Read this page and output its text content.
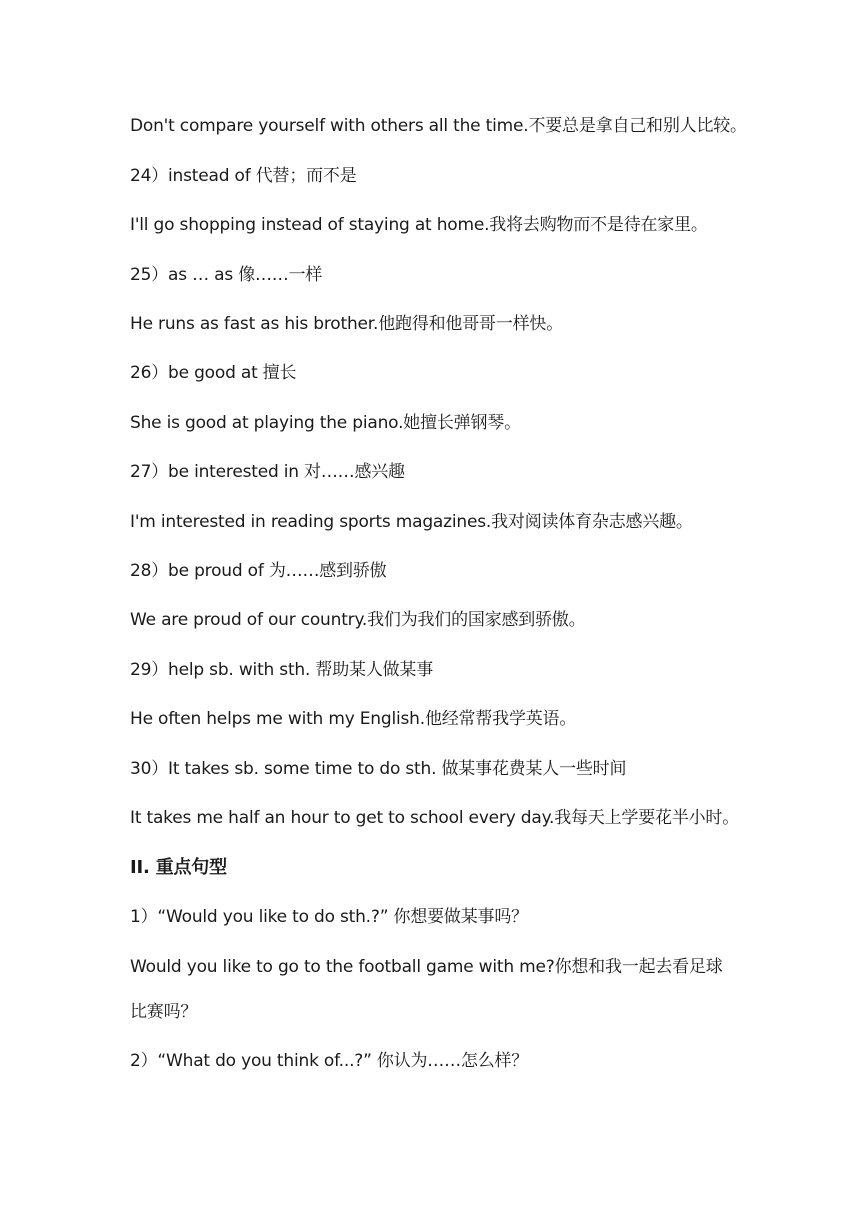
Don't compare yourself with others all the time.不要总是拿自己和别人比较。
24）instead of 代替；而不是
I'll go shopping instead of staying at home.我将去购物而不是待在家里。
25）as … as 像……一样
He runs as fast as his brother.他跑得和他哥哥一样快。
26）be good at 擅长
She is good at playing the piano.她擅长弹钢琴。
27）be interested in 对……感兴趣
I'm interested in reading sports magazines.我对阅读体育杂志感兴趣。
28）be proud of 为……感到骄傲
We are proud of our country.我们为我们的国家感到骄傲。
29）help sb. with sth. 帮助某人做某事
He often helps me with my English.他经常帮我学英语。
30）It takes sb. some time to do sth. 做某事花费某人一些时间
It takes me half an hour to get to school every day.我每天上学要花半小时。
II. 重点句型
1）“Would you like to do sth.?” 你想要做某事吗？
Would you like to go to the football game with me?你想和我一起去看足球
比赛吗？
2）“What do you think of...?” 你认为……怎么样？
